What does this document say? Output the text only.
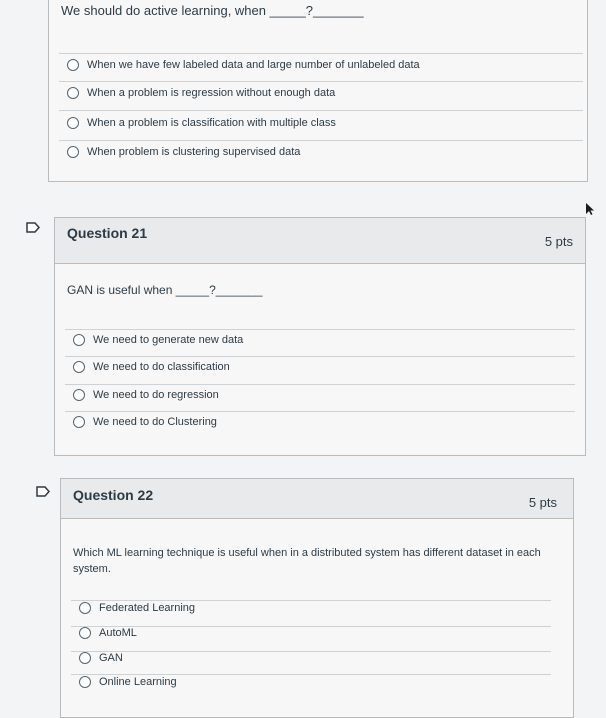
We should do active learning, when _____?_______
When we have few labeled data and large number of unlabeled data
When a problem is regression without enough data
When a problem is classification with multiple class
When problem is clustering supervised data
Question 21
5 pts
GAN is useful when _____?_______
We need to generate new data
We need to do classification
We need to do regression
We need to do Clustering
Question 22	5 pts
Which ML learning technique is useful when in a distributed system has different dataset in each system.
Federated Learning
AutoML
GAN
Online Learning
